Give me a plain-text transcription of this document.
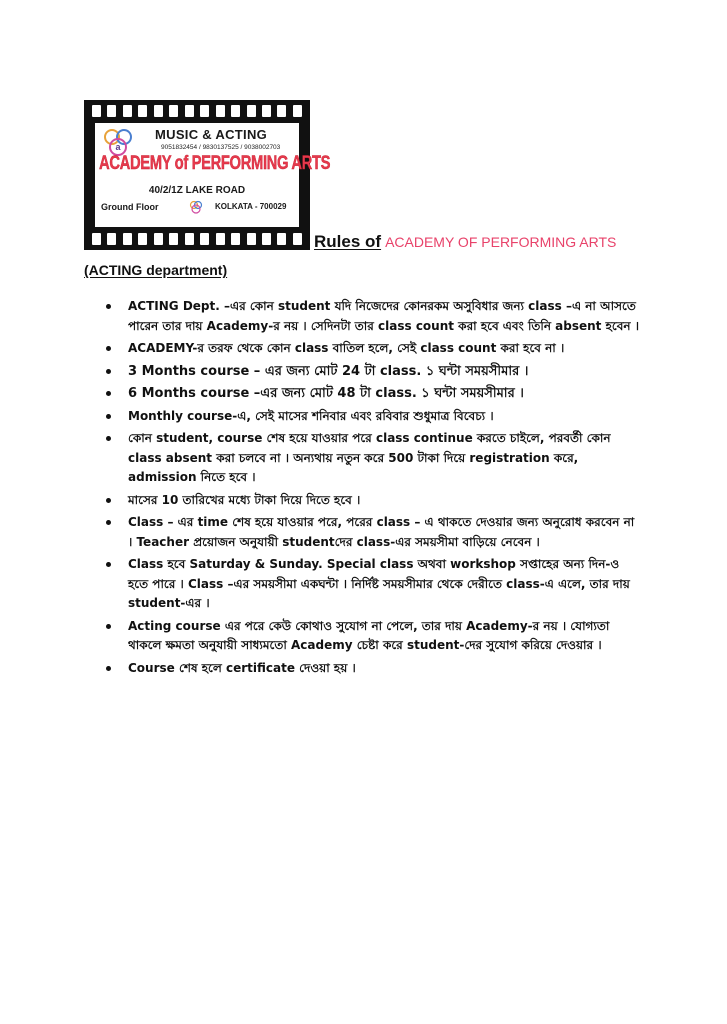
a
MUSIC & ACTING
9051832454 / 9830137525 / 9038002703
ACADEMY of PERFORMING ARTS
40/2/1Z LAKE ROAD
Ground Floor	KOLKATA - 700029
Rules of ACADEMY OF PERFORMING ARTS
(ACTING department)
ACTING Dept. –এর কোন student যদি নিজেদের কোনরকম অসুবিধার জন্য class –এ না আসতে পারেন তার দায় Academy-র নয় । সেদিনটা তার class count করা হবে এবং তিনি absent হবেন ।
ACADEMY-র তরফ থেকে কোন class বাতিল হলে, সেই class count করা হবে না ।
3 Months course – এর জন্য মোট 24 টা class. ১ ঘন্টা সময়সীমার ।
6 Months course –এর জন্য মোট 48 টা class. ১ ঘন্টা সময়সীমার ।
Monthly course-এ, সেই মাসের শনিবার এবং রবিবার শুধুমাত্র বিবেচ্য ।
কোন student, course শেষ হয়ে যাওয়ার পরে class continue করতে চাইলে, পরবর্তী কোন class absent করা চলবে না । অন্যথায় নতুন করে 500 টাকা দিয়ে registration করে, admission নিতে হবে ।
মাসের 10 তারিখের মধ্যে টাকা দিয়ে দিতে হবে ।
Class – এর time শেষ হয়ে যাওয়ার পরে, পরের class – এ থাকতে দেওয়ার জন্য অনুরোধ করবেন না । Teacher প্রয়োজন অনুযায়ী studentদের class-এর সময়সীমা বাড়িয়ে নেবেন ।
Class হবে Saturday & Sunday. Special class অথবা workshop সপ্তাহের অন্য দিন-ও হতে পারে । Class –এর সময়সীমা একঘন্টা । নির্দিষ্ট সময়সীমার থেকে দেরীতে class-এ এলে, তার দায় student-এর ।
Acting course এর পরে কেউ কোথাও সুযোগ না পেলে, তার দায় Academy-র নয় । যোগ্যতা থাকলে ক্ষমতা অনুযায়ী সাধ্যমতো Academy চেষ্টা করে student-দের সুযোগ করিয়ে দেওয়ার ।
Course শেষ হলে certificate দেওয়া হয় ।
